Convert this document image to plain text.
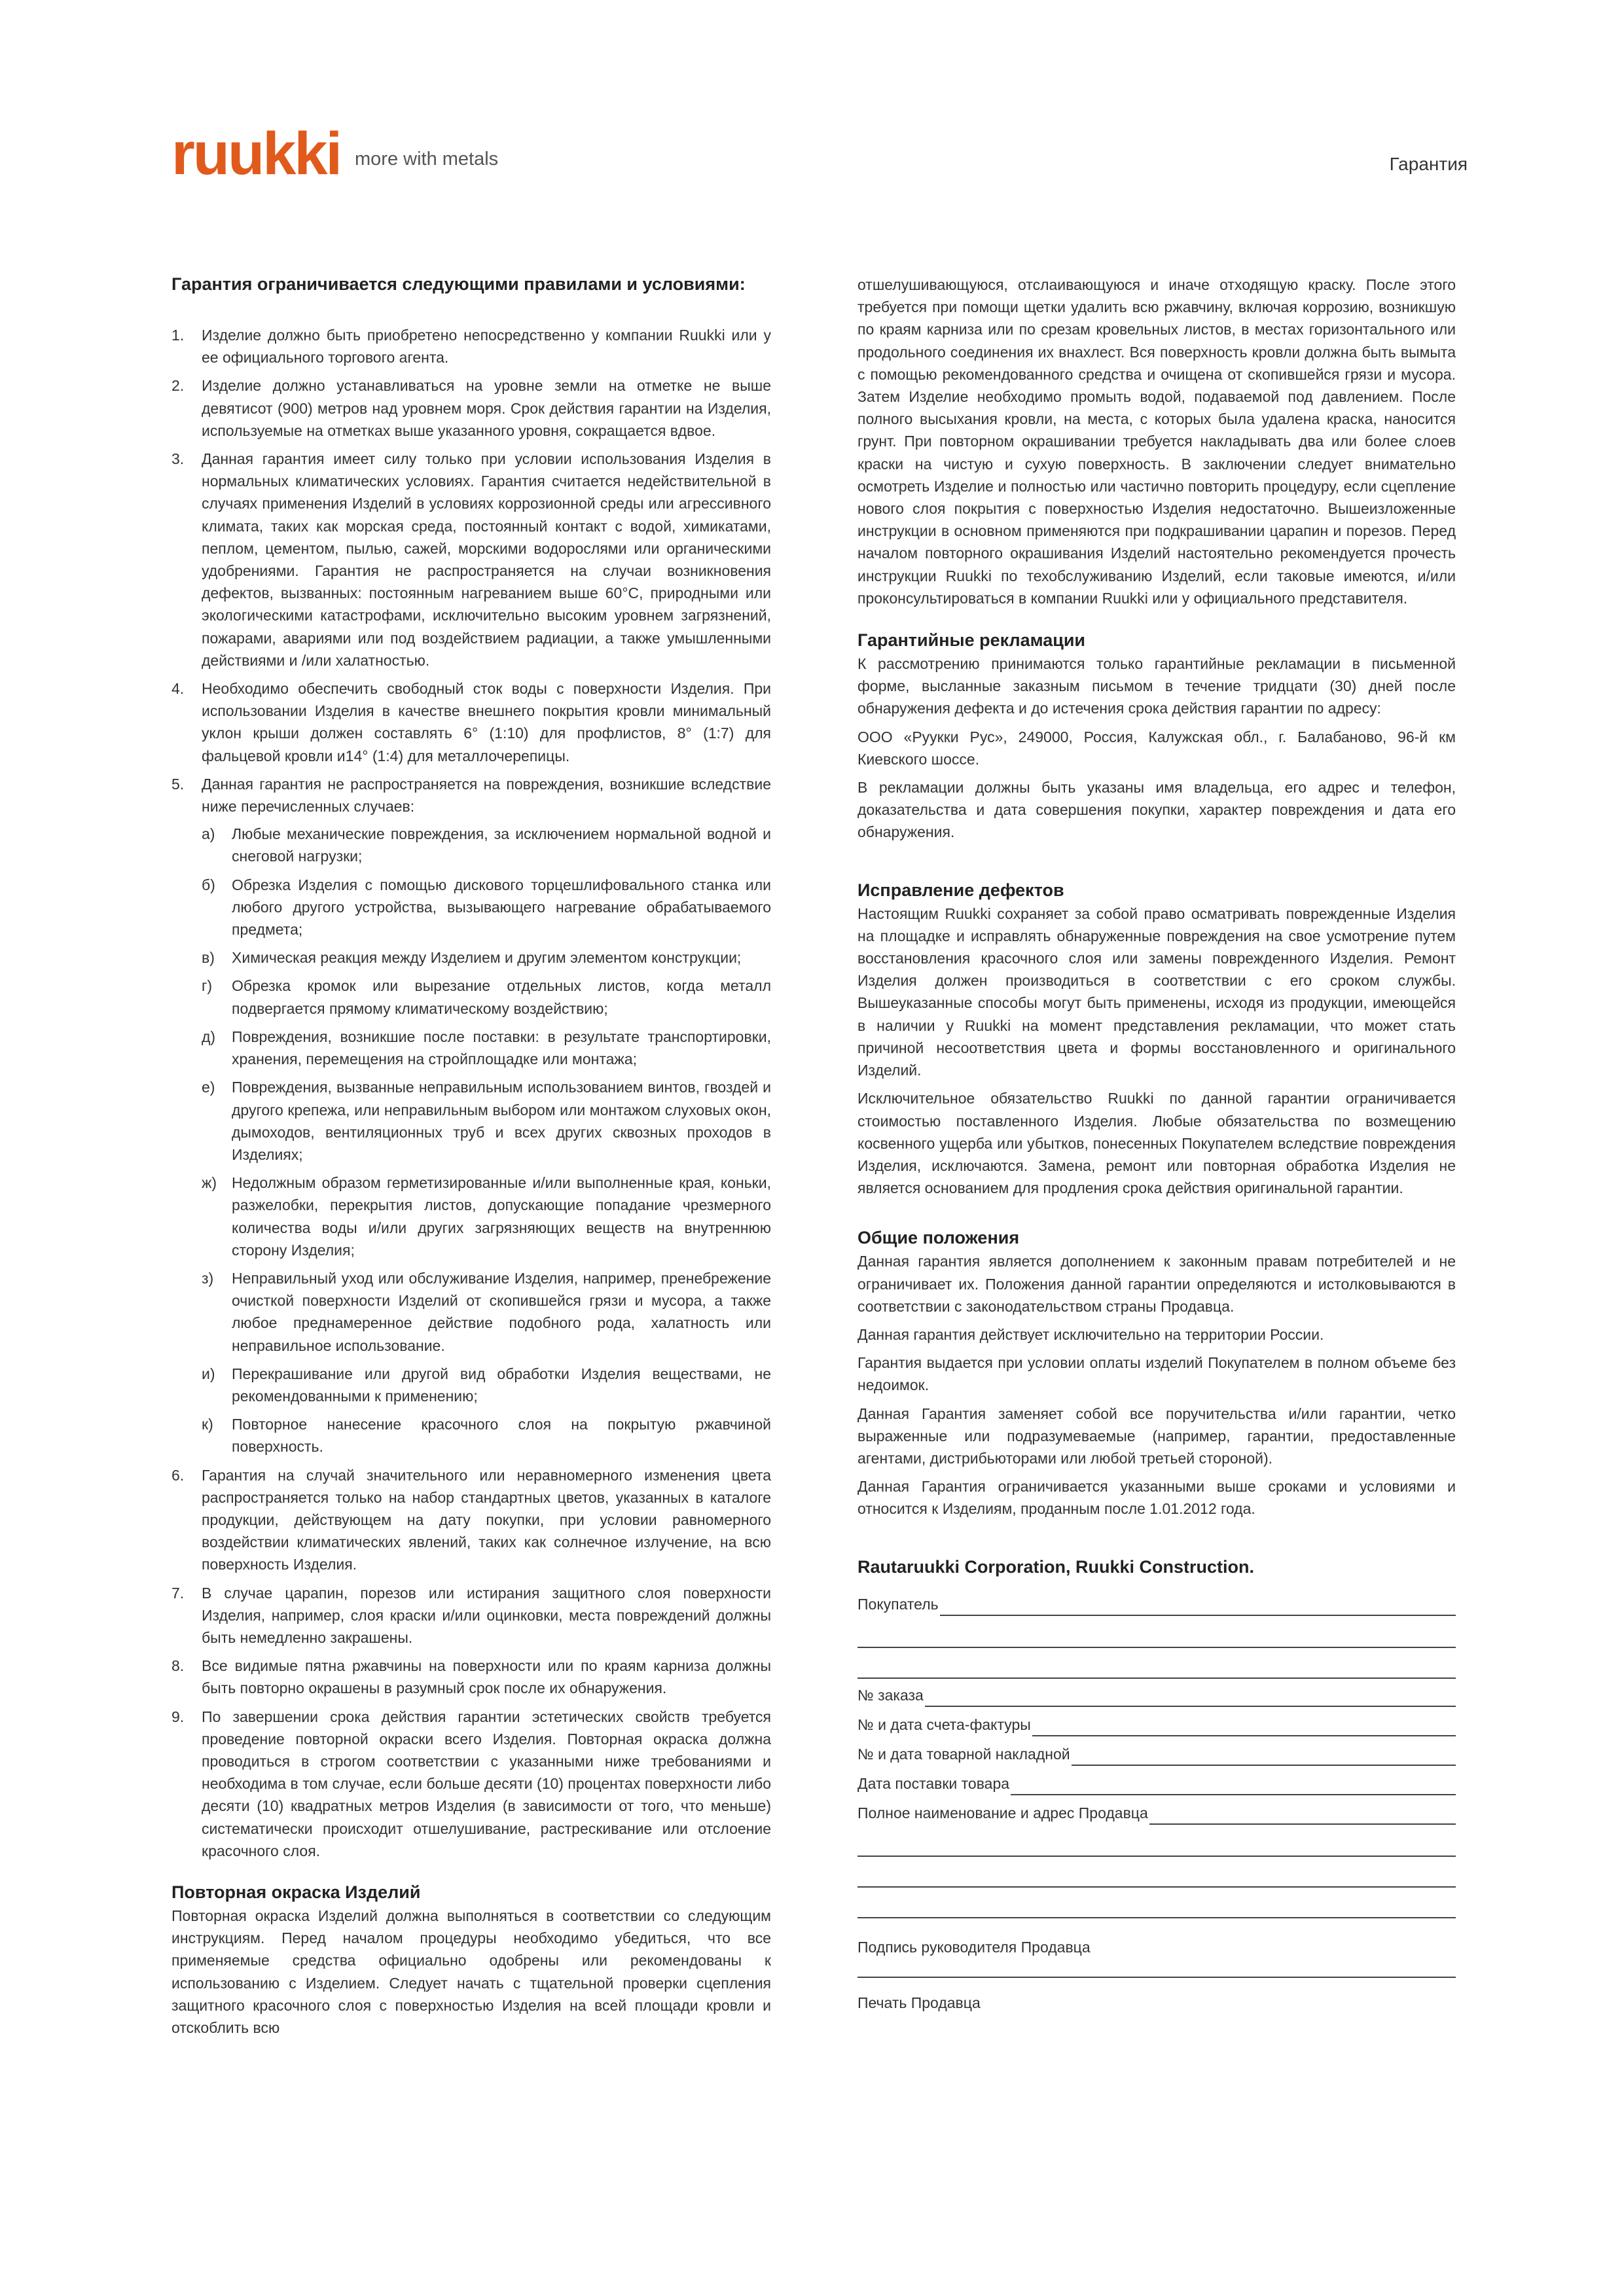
ruukki more with metals	Гарантия
Гарантия ограничивается следующими правилами и условиями:
1. Изделие должно быть приобретено непосредственно у компании Ruukki или у ее официального торгового агента.
2. Изделие должно устанавливаться на уровне земли на отметке не выше девятисот (900) метров над уровнем моря. Срок действия гарантии на Изделия, используемые на отметках выше указанного уровня, сокращается вдвое.
3. Данная гарантия имеет силу только при условии использования Изделия в нормальных климатических условиях. Гарантия считается недействительной в случаях применения Изделий в условиях коррозионной среды или агрессивного климата, таких как морская среда, постоянный контакт с водой, химикатами, пеплом, цементом, пылью, сажей, морскими водорослями или органическими удобрениями. Гарантия не распространяется на случаи возникновения дефектов, вызванных: постоянным нагреванием выше 60°С, природными или экологическими катастрофами, исключительно высоким уровнем загрязнений, пожарами, авариями или под воздействием радиации, а также умышленными действиями и /или халатностью.
4. Необходимо обеспечить свободный сток воды с поверхности Изделия. При использовании Изделия в качестве внешнего покрытия кровли минимальный уклон крыши должен составлять 6° (1:10) для профлистов, 8° (1:7) для фальцевой кровли и14° (1:4) для металлочерепицы.
5. Данная гарантия не распространяется на повреждения, возникшие вследствие ниже перечисленных случаев:
а) Любые механические повреждения, за исключением нормальной водной и снеговой нагрузки;
б) Обрезка Изделия с помощью дискового торцешлифовального станка или любого другого устройства, вызывающего нагревание обрабатываемого предмета;
в) Химическая реакция между Изделием и другим элементом конструкции;
г) Обрезка кромок или вырезание отдельных листов, когда металл подвергается прямому климатическому воздействию;
д) Повреждения, возникшие после поставки: в результате транспортировки, хранения, перемещения на стройплощадке или монтажа;
е) Повреждения, вызванные неправильным использованием винтов, гвоздей и другого крепежа, или неправильным выбором или монтажом слуховых окон, дымоходов, вентиляционных труб и всех других сквозных проходов в Изделиях;
ж) Недолжным образом герметизированные и/или выполненные края, коньки, разжелобки, перекрытия листов, допускающие попадание чрезмерного количества воды и/или других загрязняющих веществ на внутреннюю сторону Изделия;
з) Неправильный уход или обслуживание Изделия, например, пренебрежение очисткой поверхности Изделий от скопившейся грязи и мусора, а также любое преднамеренное действие подобного рода, халатность или неправильное использование.
и) Перекрашивание или другой вид обработки Изделия веществами, не рекомендованными к применению;
к) Повторное нанесение красочного слоя на покрытую ржавчиной поверхность.
6. Гарантия на случай значительного или неравномерного изменения цвета распространяется только на набор стандартных цветов, указанных в каталоге продукции, действующем на дату покупки, при условии равномерного воздействии климатических явлений, таких как солнечное излучение, на всю поверхность Изделия.
7. В случае царапин, порезов или истирания защитного слоя поверхности Изделия, например, слоя краски и/или оцинковки, места повреждений должны быть немедленно закрашены.
8. Все видимые пятна ржавчины на поверхности или по краям карниза должны быть повторно окрашены в разумный срок после их обнаружения.
9. По завершении срока действия гарантии эстетических свойств требуется проведение повторной окраски всего Изделия. Повторная окраска должна проводиться в строгом соответствии с указанными ниже требованиями и необходима в том случае, если больше десяти (10) процентах поверхности либо десяти (10) квадратных метров Изделия (в зависимости от того, что меньше) систематически происходит отшелушивание, растрескивание или отслоение красочного слоя.
Повторная окраска Изделий

Повторная окраска Изделий должна выполняться в соответствии со следующим инструкциям. Перед началом процедуры необходимо убедиться, что все применяемые средства официально одобрены или рекомендованы к использованию с Изделием. Следует начать с тщательной проверки сцепления защитного красочного слоя с поверхностью Изделия на всей площади кровли и отскоблить всю

отшелушивающуюся, отслаивающуюся и иначе отходящую краску. После этого требуется при помощи щетки удалить всю ржавчину, включая коррозию, возникшую по краям карниза или по срезам кровельных листов, в местах горизонтального или продольного соединения их внахлест. Вся поверхность кровли должна быть вымыта с помощью рекомендованного средства и очищена от скопившейся грязи и мусора. Затем Изделие необходимо промыть водой, подаваемой под давлением. После полного высыхания кровли, на места, с которых была удалена краска, наносится грунт. При повторном окрашивании требуется накладывать два или более слоев краски на чистую и сухую поверхность. В заключении следует внимательно осмотреть Изделие и полностью или частично повторить процедуру, если сцепление нового слоя покрытия с поверхностью Изделия недостаточно. Вышеизложенные инструкции в основном применяются при подкрашивании царапин и порезов. Перед началом повторного окрашивания Изделий настоятельно рекомендуется прочесть инструкции Ruukki по техобслуживанию Изделий, если таковые имеются, и/или проконсультироваться в компании Ruukki или у официального представителя.

Гарантийные рекламации

К рассмотрению принимаются только гарантийные рекламации в письменной форме, высланные заказным письмом в течение тридцати (30) дней после обнаружения дефекта и до истечения срока действия гарантии по адресу:

ООО «Руукки Рус», 249000, Россия, Калужская обл., г. Балабаново, 96-й км Киевского шоссе.

В рекламации должны быть указаны имя владельца, его адрес и телефон, доказательства и дата совершения покупки, характер повреждения и дата его обнаружения.

Исправление дефектов

Настоящим Ruukki сохраняет за собой право осматривать поврежденные Изделия на площадке и исправлять обнаруженные повреждения на свое усмотрение путем восстановления красочного слоя или замены поврежденного Изделия. Ремонт Изделия должен производиться в соответствии с его сроком службы. Вышеуказанные способы могут быть применены, исходя из продукции, имеющейся в наличии у Ruukki на момент представления рекламации, что может стать причиной несоответствия цвета и формы восстановленного и оригинального Изделий.

Исключительное обязательство Ruukki по данной гарантии ограничивается стоимостью поставленного Изделия. Любые обязательства по возмещению косвенного ущерба или убытков, понесенных Покупателем вследствие повреждения Изделия, исключаются. Замена, ремонт или повторная обработка Изделия не является основанием для продления срока действия оригинальной гарантии.

Общие положения

Данная гарантия является дополнением к законным правам потребителей и не ограничивает их. Положения данной гарантии определяются и истолковываются в соответствии с законодательством страны Продавца.

Данная гарантия действует исключительно на территории России.

Гарантия выдается при условии оплаты изделий Покупателем в полном объеме без недоимок.

Данная Гарантия заменяет собой все поручительства и/или гарантии, четко выраженные или подразумеваемые (например, гарантии, предоставленные агентами, дистрибьюторами или любой третьей стороной).

Данная Гарантия ограничивается указанными выше сроками и условиями и относится к Изделиям, проданным после 1.01.2012 года.

Rautaruukki Corporation, Ruukki Construction.
Покупатель
№ заказа
№ и дата счета-фактуры
№ и дата товарной накладной
Дата поставки товара
Полное наименование и адрес Продавца
Подпись руководителя Продавца
Печать Продавца
